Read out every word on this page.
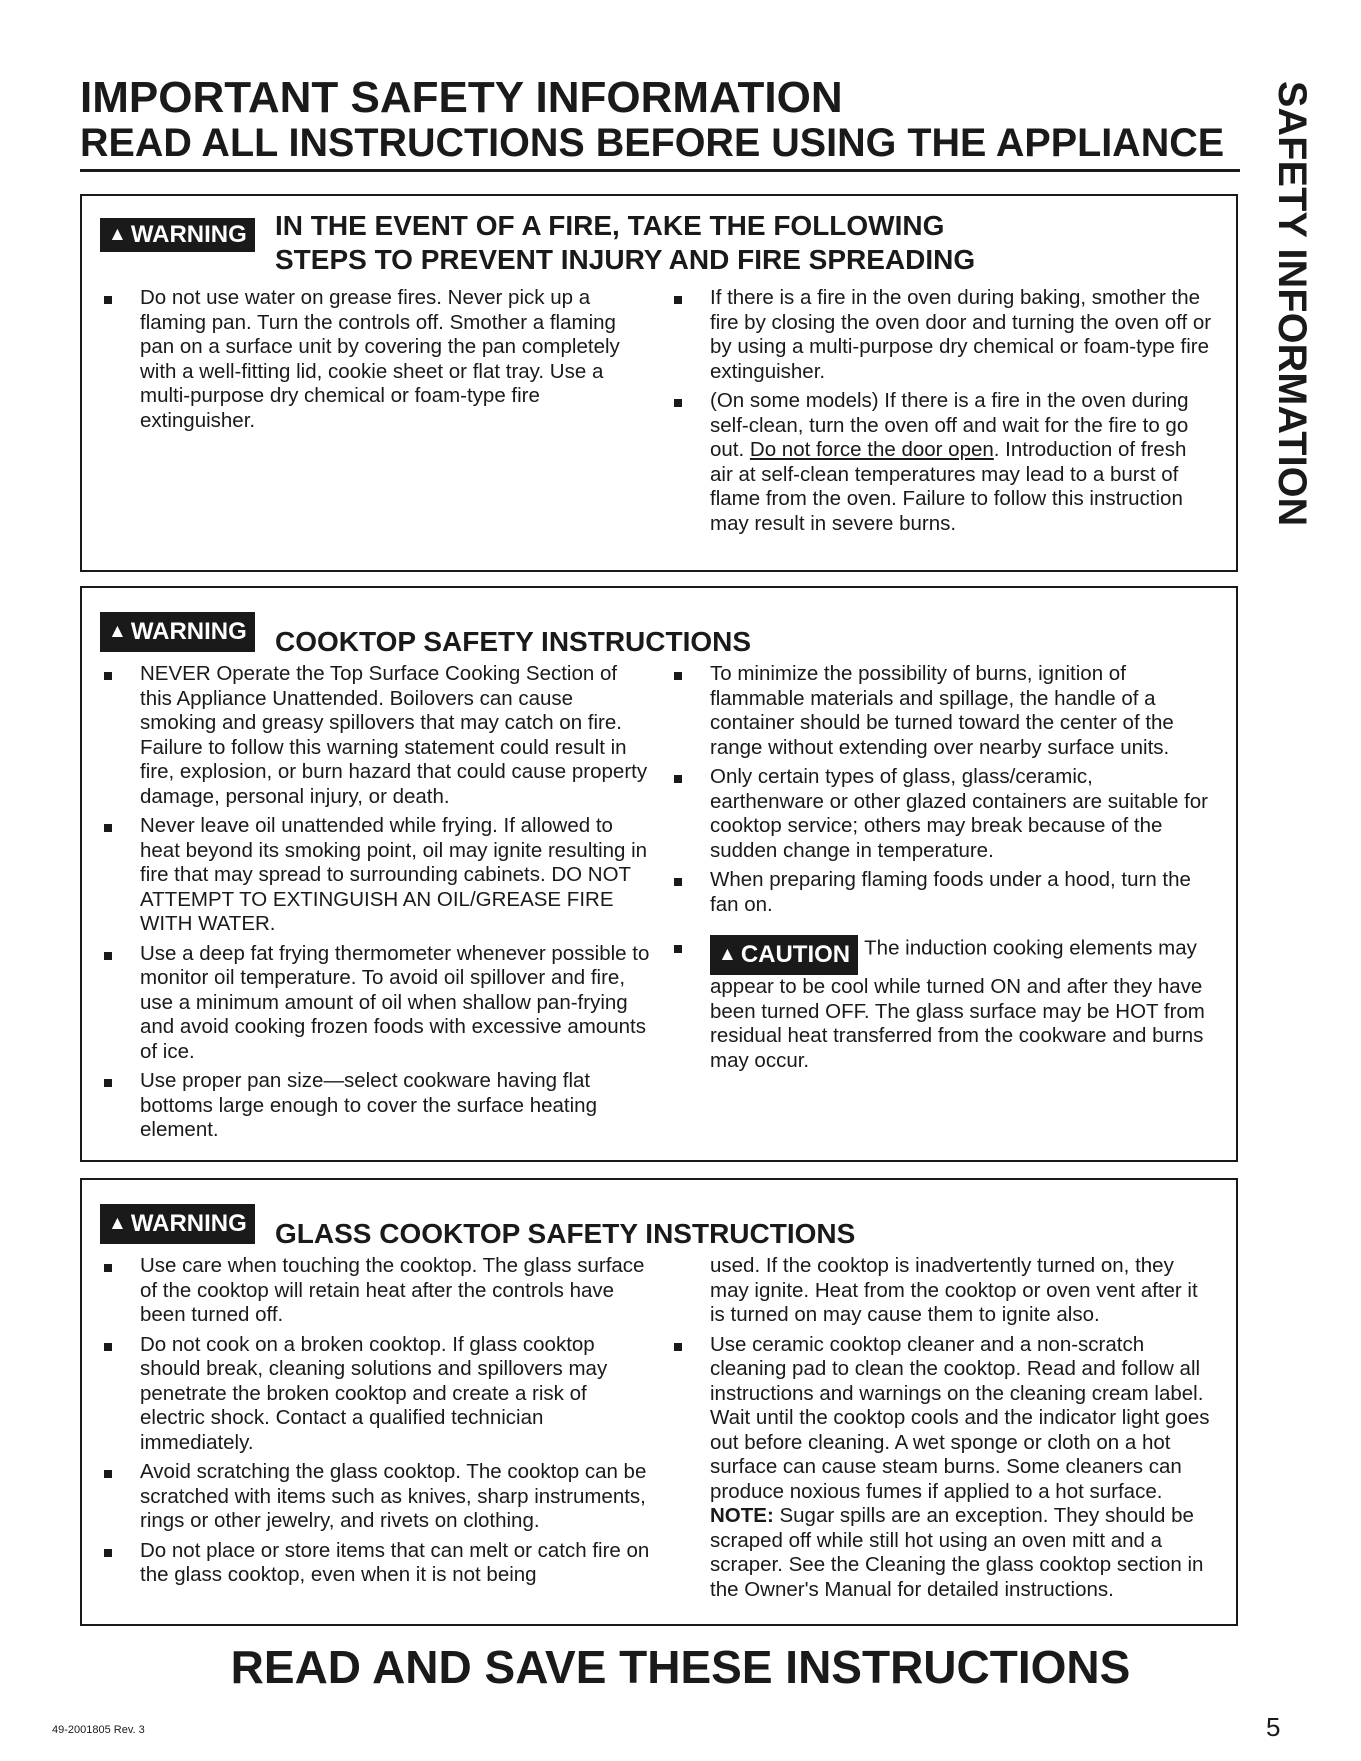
IMPORTANT SAFETY INFORMATION
READ ALL INSTRUCTIONS BEFORE USING THE APPLIANCE SAFETY INFORMATION
▲ WARNING IN THE EVENT OF A FIRE, TAKE THE FOLLOWING
STEPS TO PREVENT INJURY AND FIRE SPREADING
Do not use water on grease fires. Never pick up a flaming pan. Turn the controls off. Smother a flaming pan on a surface unit by covering the pan completely with a well-fitting lid, cookie sheet or flat tray. Use a multi-purpose dry chemical or foam-type fire extinguisher.
If there is a fire in the oven during baking, smother the fire by closing the oven door and turning the oven off or by using a multi-purpose dry chemical or foam-type fire extinguisher.
(On some models) If there is a fire in the oven during self-clean, turn the oven off and wait for the fire to go out. Do not force the door open. Introduction of fresh air at self-clean temperatures may lead to a burst of flame from the oven. Failure to follow this instruction may result in severe burns.
▲ WARNING COOKTOP SAFETY INSTRUCTIONS
NEVER Operate the Top Surface Cooking Section of this Appliance Unattended. Boilovers can cause smoking and greasy spillovers that may catch on fire. Failure to follow this warning statement could result in fire, explosion, or burn hazard that could cause property damage, personal injury, or death.
Never leave oil unattended while frying. If allowed to heat beyond its smoking point, oil may ignite resulting in fire that may spread to surrounding cabinets. DO NOT ATTEMPT TO EXTINGUISH AN OIL/GREASE FIRE WITH WATER.
Use a deep fat frying thermometer whenever possible to monitor oil temperature. To avoid oil spillover and fire, use a minimum amount of oil when shallow pan-frying and avoid cooking frozen foods with excessive amounts of ice.
Use proper pan size—select cookware having flat bottoms large enough to cover the surface heating element.
To minimize the possibility of burns, ignition of flammable materials and spillage, the handle of a container should be turned toward the center of the range without extending over nearby surface units.
Only certain types of glass, glass/ceramic, earthenware or other glazed containers are suitable for cooktop service; others may break because of the sudden change in temperature.
When preparing flaming foods under a hood, turn the fan on.
▲ CAUTION The induction cooking elements may appear to be cool while turned ON and after they have been turned OFF. The glass surface may be HOT from residual heat transferred from the cookware and burns may occur.
▲ WARNING GLASS COOKTOP SAFETY INSTRUCTIONS
Use care when touching the cooktop. The glass surface of the cooktop will retain heat after the controls have been turned off.
Do not cook on a broken cooktop. If glass cooktop should break, cleaning solutions and spillovers may penetrate the broken cooktop and create a risk of electric shock. Contact a qualified technician immediately.
Avoid scratching the glass cooktop. The cooktop can be scratched with items such as knives, sharp instruments, rings or other jewelry, and rivets on clothing.
Do not place or store items that can melt or catch fire on the glass cooktop, even when it is not being
used. If the cooktop is inadvertently turned on, they may ignite. Heat from the cooktop or oven vent after it is turned on may cause them to ignite also.
Use ceramic cooktop cleaner and a non-scratch cleaning pad to clean the cooktop. Read and follow all instructions and warnings on the cleaning cream label. Wait until the cooktop cools and the indicator light goes out before cleaning. A wet sponge or cloth on a hot surface can cause steam burns. Some cleaners can produce noxious fumes if applied to a hot surface. NOTE: Sugar spills are an exception. They should be scraped off while still hot using an oven mitt and a scraper. See the Cleaning the glass cooktop section in the Owner's Manual for detailed instructions.
READ AND SAVE THESE INSTRUCTIONS
49-2001805 Rev. 3	5
